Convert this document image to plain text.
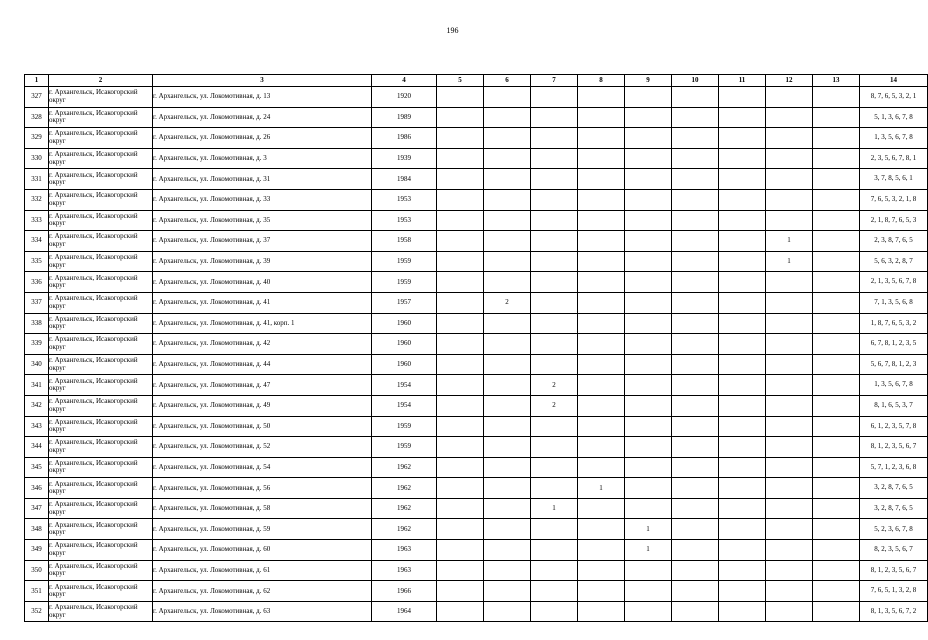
196
1	2	3	4	5	6	7	8	9	10	11	12	13	14
327	г. Архангельск, Исакогорский округ	г. Архангельск, ул. Локомотивная, д. 13	1920										8, 7, 6, 5, 3, 2, 1
328	г. Архангельск, Исакогорский округ	г. Архангельск, ул. Локомотивная, д. 24	1989										5, 1, 3, 6, 7, 8
329	г. Архангельск, Исакогорский округ	г. Архангельск, ул. Локомотивная, д. 26	1986										1, 3, 5, 6, 7, 8
330	г. Архангельск, Исакогорский округ	г. Архангельск, ул. Локомотивная, д. 3	1939										2, 3, 5, 6, 7, 8, 1
331	г. Архангельск, Исакогорский округ	г. Архангельск, ул. Локомотивная, д. 31	1984										3, 7, 8, 5, 6, 1
332	г. Архангельск, Исакогорский округ	г. Архангельск, ул. Локомотивная, д. 33	1953										7, 6, 5, 3, 2, 1, 8
333	г. Архангельск, Исакогорский округ	г. Архангельск, ул. Локомотивная, д. 35	1953										2, 1, 8, 7, 6, 5, 3
334	г. Архангельск, Исакогорский округ	г. Архангельск, ул. Локомотивная, д. 37	1958								1		2, 3, 8, 7, 6, 5
335	г. Архангельск, Исакогорский округ	г. Архангельск, ул. Локомотивная, д. 39	1959								1		5, 6, 3, 2, 8, 7
336	г. Архангельск, Исакогорский округ	г. Архангельск, ул. Локомотивная, д. 40	1959										2, 1, 3, 5, 6, 7, 8
337	г. Архангельск, Исакогорский округ	г. Архангельск, ул. Локомотивная, д. 41	1957		2								7, 1, 3, 5, 6, 8
338	г. Архангельск, Исакогорский округ	г. Архангельск, ул. Локомотивная, д. 41, корп. 1	1960										1, 8, 7, 6, 5, 3, 2
339	г. Архангельск, Исакогорский округ	г. Архангельск, ул. Локомотивная, д. 42	1960										6, 7, 8, 1, 2, 3, 5
340	г. Архангельск, Исакогорский округ	г. Архангельск, ул. Локомотивная, д. 44	1960										5, 6, 7, 8, 1, 2, 3
341	г. Архангельск, Исакогорский округ	г. Архангельск, ул. Локомотивная, д. 47	1954			2							1, 3, 5, 6, 7, 8
342	г. Архангельск, Исакогорский округ	г. Архангельск, ул. Локомотивная, д. 49	1954			2							8, 1, 6, 5, 3, 7
343	г. Архангельск, Исакогорский округ	г. Архангельск, ул. Локомотивная, д. 50	1959										6, 1, 2, 3, 5, 7, 8
344	г. Архангельск, Исакогорский округ	г. Архангельск, ул. Локомотивная, д. 52	1959										8, 1, 2, 3, 5, 6, 7
345	г. Архангельск, Исакогорский округ	г. Архангельск, ул. Локомотивная, д. 54	1962										5, 7, 1, 2, 3, 6, 8
346	г. Архангельск, Исакогорский округ	г. Архангельск, ул. Локомотивная, д. 56	1962				1						3, 2, 8, 7, 6, 5
347	г. Архангельск, Исакогорский округ	г. Архангельск, ул. Локомотивная, д. 58	1962			1							3, 2, 8, 7, 6, 5
348	г. Архангельск, Исакогорский округ	г. Архангельск, ул. Локомотивная, д. 59	1962					1					5, 2, 3, 6, 7, 8
349	г. Архангельск, Исакогорский округ	г. Архангельск, ул. Локомотивная, д. 60	1963					1					8, 2, 3, 5, 6, 7
350	г. Архангельск, Исакогорский округ	г. Архангельск, ул. Локомотивная, д. 61	1963										8, 1, 2, 3, 5, 6, 7
351	г. Архангельск, Исакогорский округ	г. Архангельск, ул. Локомотивная, д. 62	1966										7, 6, 5, 1, 3, 2, 8
352	г. Архангельск, Исакогорский округ	г. Архангельск, ул. Локомотивная, д. 63	1964										8, 1, 3, 5, 6, 7, 2
